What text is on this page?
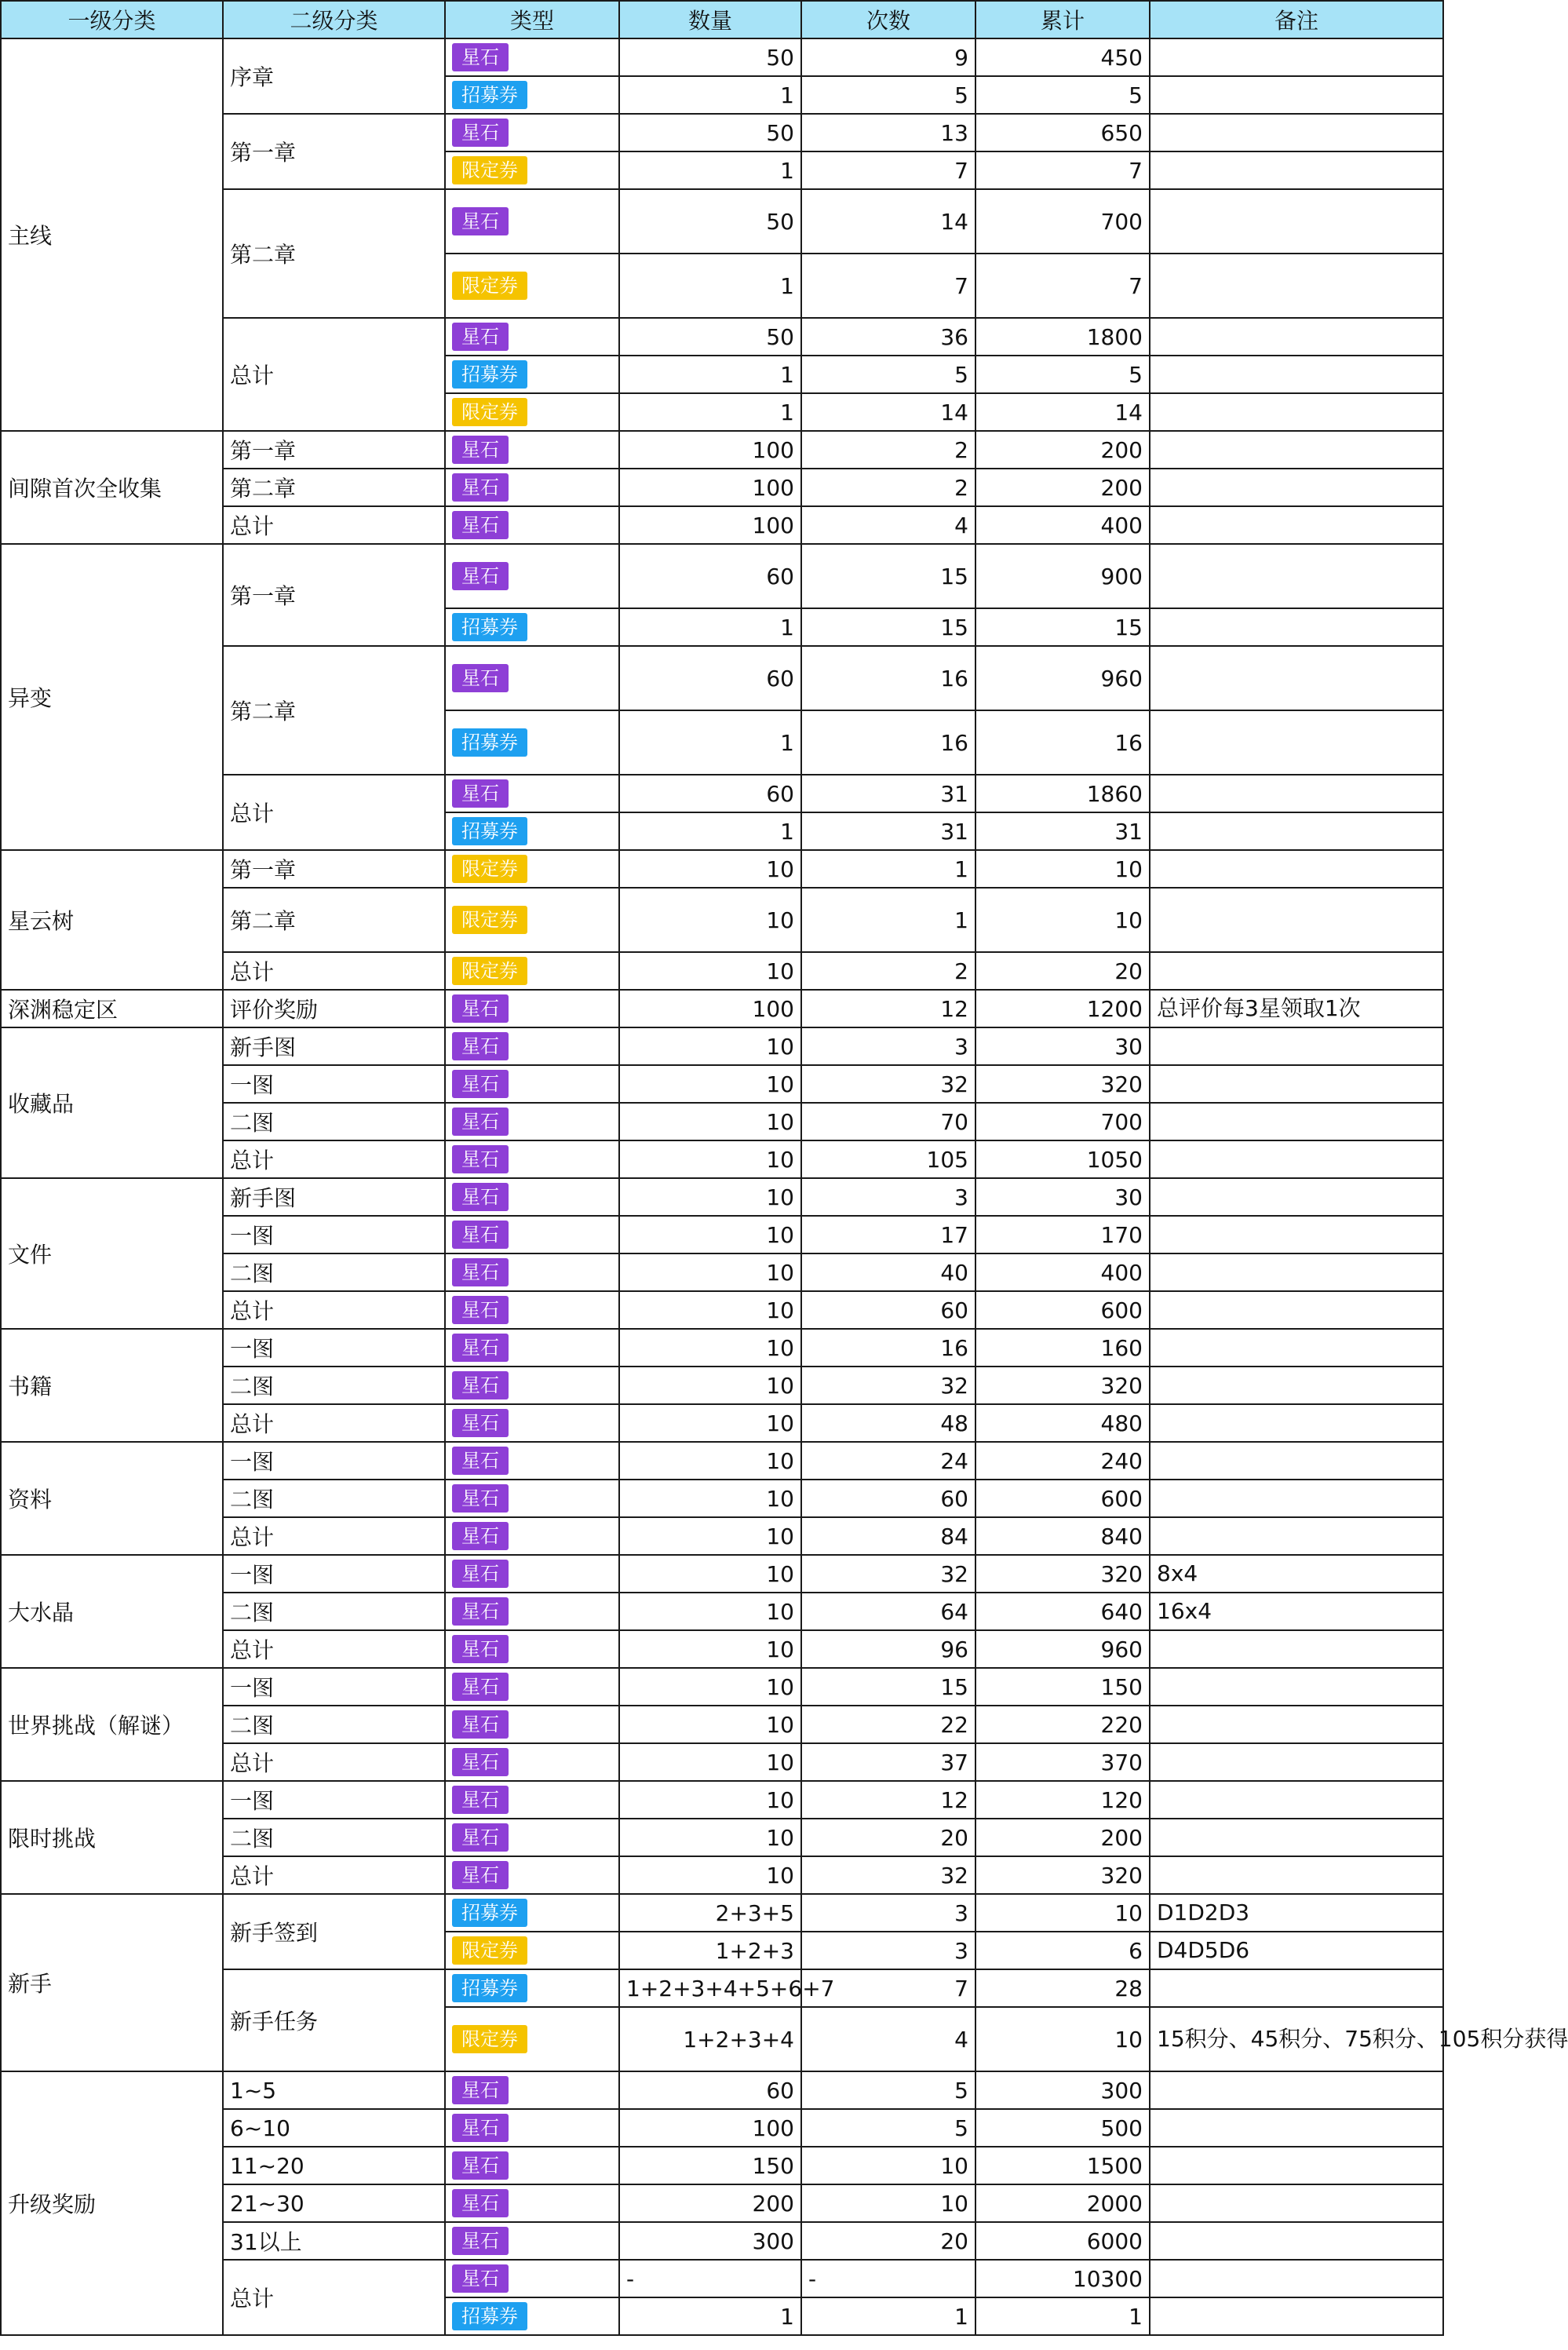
一级分类	二级分类	类型	数量	次数	累计	备注
主线	序章	星石	50	9	450	
		招募券	1	5	5	
	第一章	星石	50	13	650	
		限定券	1	7	7	
	第二章	星石	50	14	700	
		限定券	1	7	7	
	总计	星石	50	36	1800	
		招募券	1	5	5	
		限定券	1	14	14	
间隙首次全收集	第一章	星石	100	2	200	
	第二章	星石	100	2	200	
	总计	星石	100	4	400	
异变	第一章	星石	60	15	900	
		招募券	1	15	15	
	第二章	星石	60	16	960	
		招募券	1	16	16	
	总计	星石	60	31	1860	
		招募券	1	31	31	
星云树	第一章	限定券	10	1	10	
	第二章	限定券	10	1	10	
	总计	限定券	10	2	20	
深渊稳定区	评价奖励	星石	100	12	1200	总评价每3星领取1次
收藏品	新手图	星石	10	3	30	
	一图	星石	10	32	320	
	二图	星石	10	70	700	
	总计	星石	10	105	1050	
文件	新手图	星石	10	3	30	
	一图	星石	10	17	170	
	二图	星石	10	40	400	
	总计	星石	10	60	600	
书籍	一图	星石	10	16	160	
	二图	星石	10	32	320	
	总计	星石	10	48	480	
资料	一图	星石	10	24	240	
	二图	星石	10	60	600	
	总计	星石	10	84	840	
大水晶	一图	星石	10	32	320	8x4
	二图	星石	10	64	640	16x4
	总计	星石	10	96	960	
世界挑战（解谜）	一图	星石	10	15	150	
	二图	星石	10	22	220	
	总计	星石	10	37	370	
限时挑战	一图	星石	10	12	120	
	二图	星石	10	20	200	
	总计	星石	10	32	320	
新手	新手签到	招募券	2+3+5	3	10	D1D2D3
		限定券	1+2+3	3	6	D4D5D6
	新手任务	招募券	1+2+3+4+5+6+7	7	28	
		限定券	1+2+3+4	4	10	15积分、45积分、75积分、105积分获得
升级奖励	1~5	星石	60	5	300	
	6~10	星石	100	5	500	
	11~20	星石	150	10	1500	
	21~30	星石	200	10	2000	
	31以上	星石	300	20	6000	
	总计	星石	-	-	10300	
		招募券	1	1	1	
